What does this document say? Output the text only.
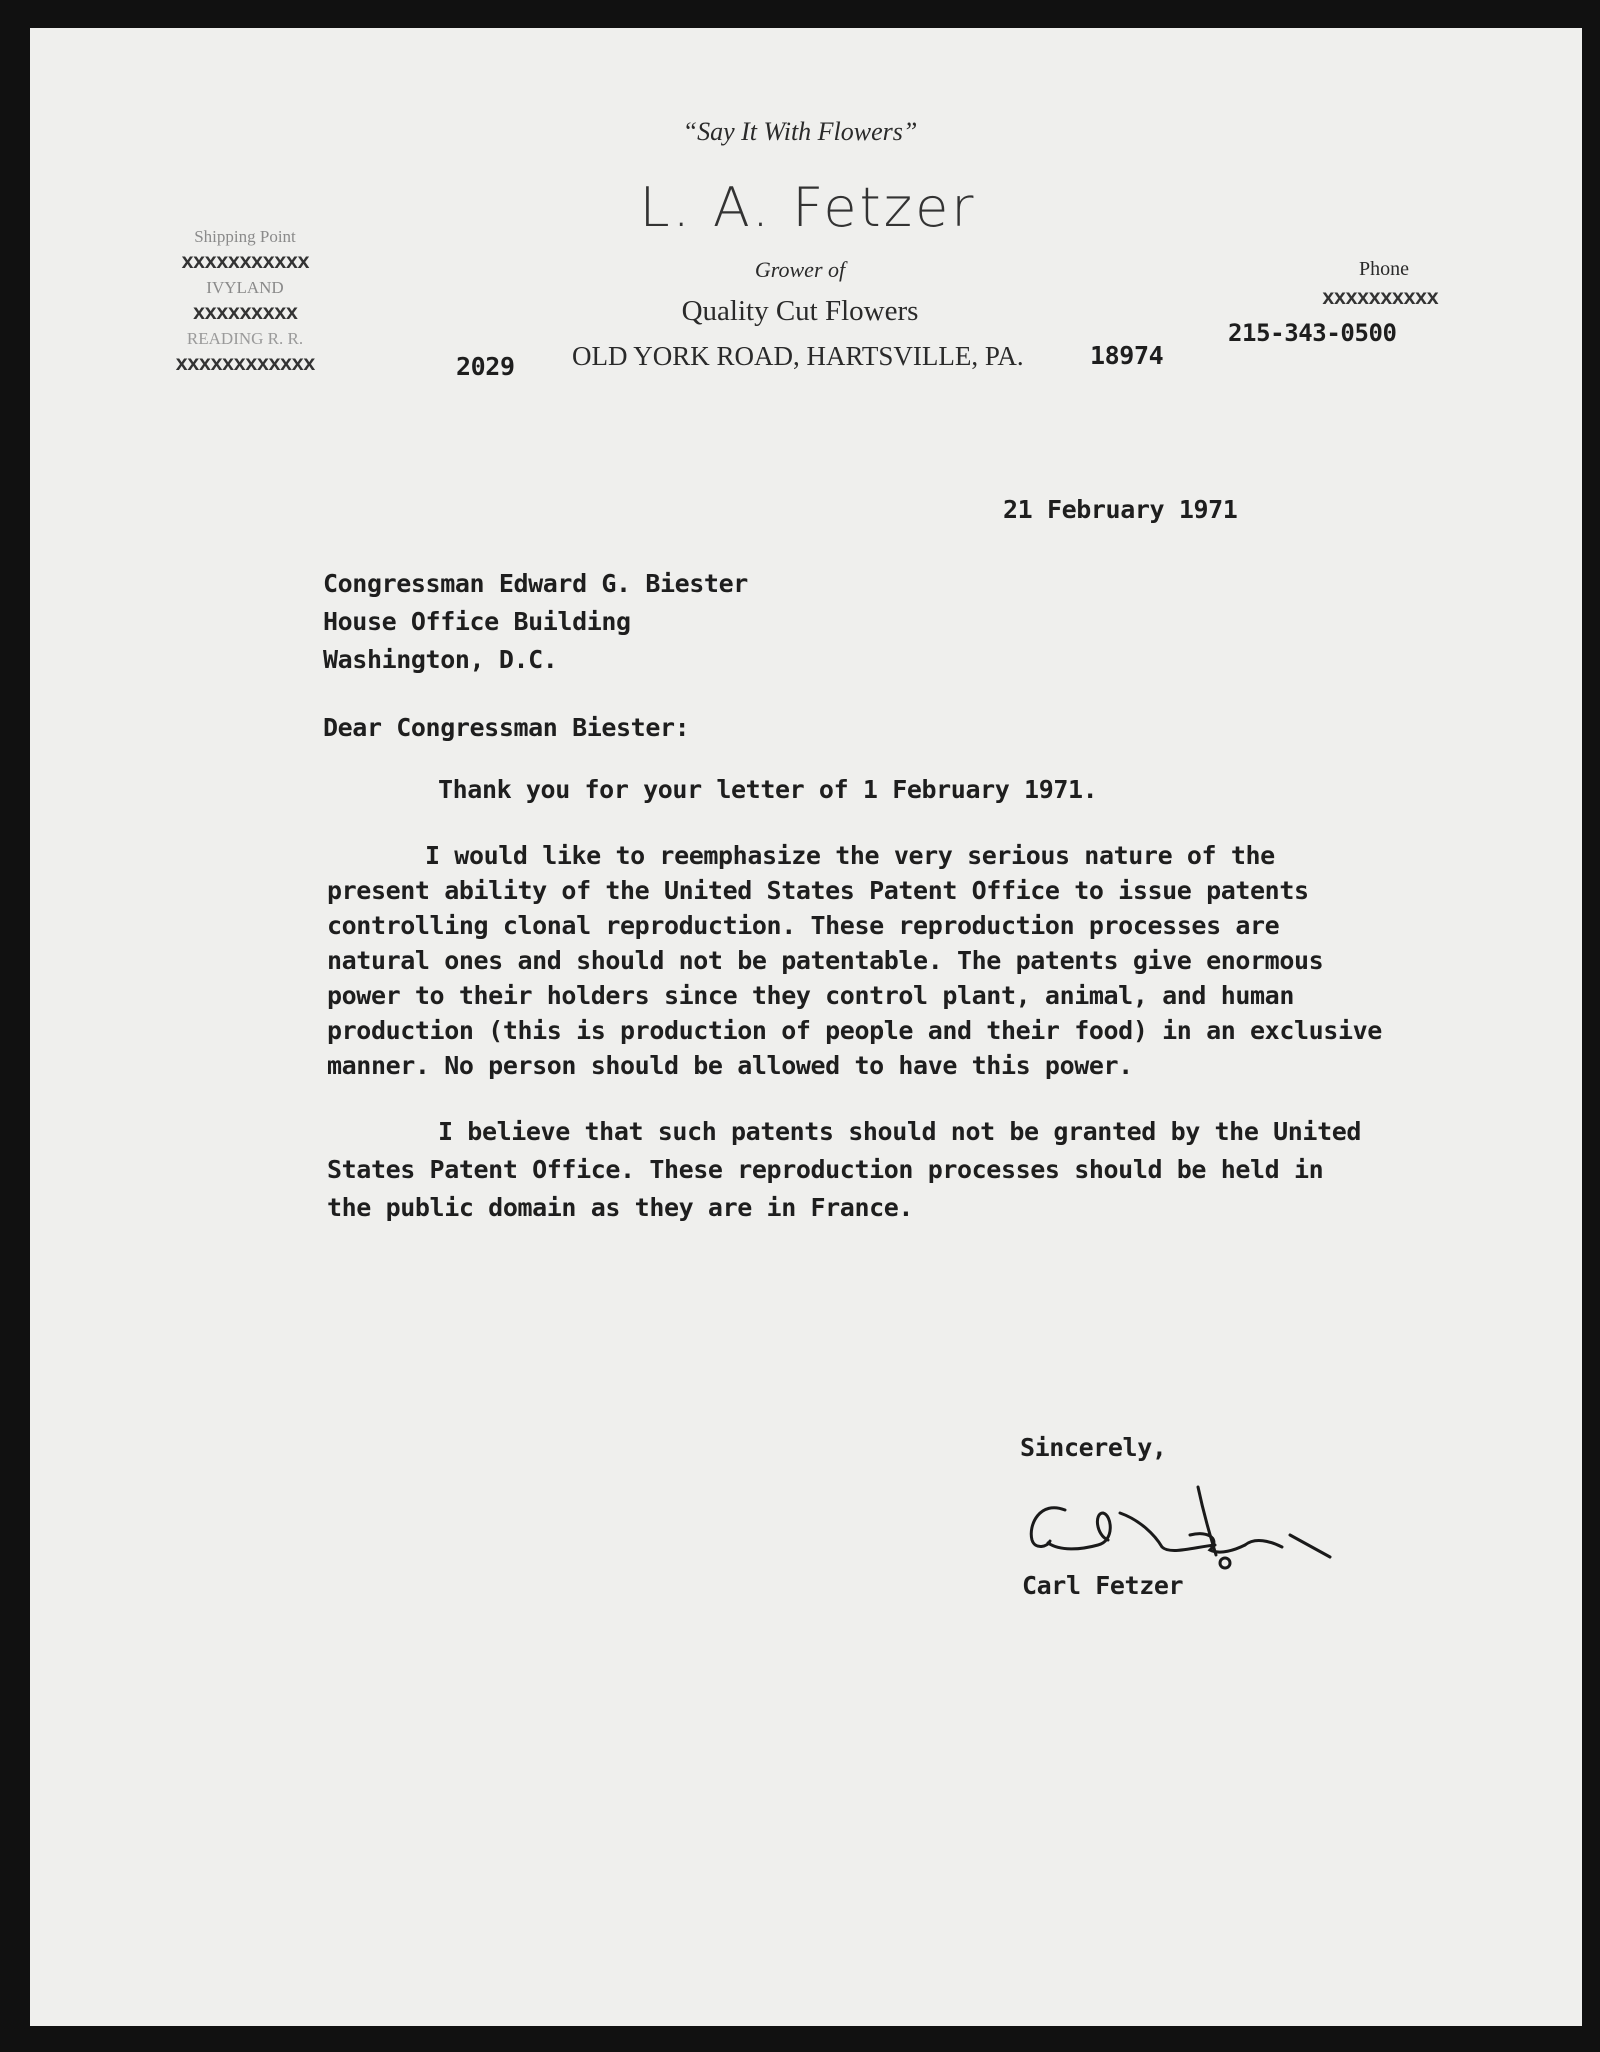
“Say It With Flowers”
L. A. Fetzer
Grower of
Quality Cut Flowers
2029 OLD YORK ROAD, HARTSVILLE, PA.	18974
Shipping Point
xxxxxxxxxxx
IVYLAND
xxxxxxxxx
READING R. R.
xxxxxxxxxxxx
Phone
xxxxxxxxxx
215-343-0500
21 February 1971
Congressman Edward G. Biester
House Office Building
Washington, D.C.
Dear Congressman Biester:
Thank you for your letter of 1 February 1971.
I would like to reemphasize the very serious nature of the
present ability of the United States Patent Office to issue patents
controlling clonal reproduction. These reproduction processes are
natural ones and should not be patentable. The patents give enormous
power to their holders since they control plant, animal, and human
production (this is production of people and their food) in an exclusive
manner. No person should be allowed to have this power.
I believe that such patents should not be granted by the United
States Patent Office. These reproduction processes should be held in
the public domain as they are in France.
Sincerely,
Carl Fetzer
